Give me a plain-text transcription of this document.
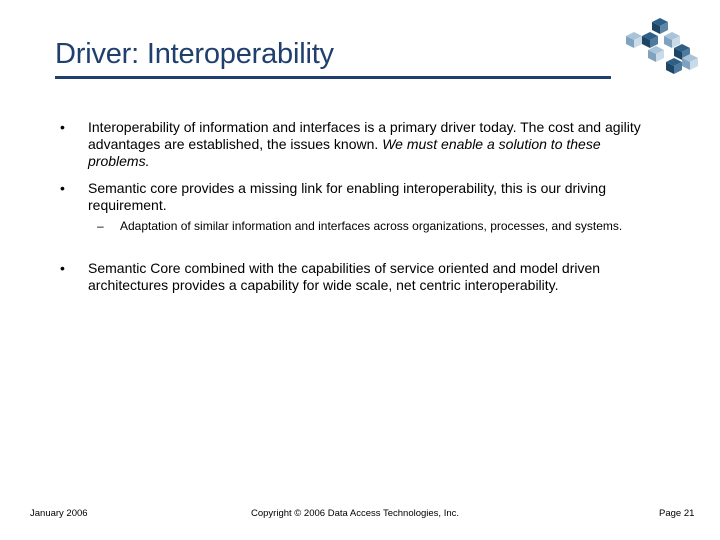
Driver: Interoperability
• Interoperability of information and interfaces is a primary driver today. The cost and agility advantages are established, the issues known. We must enable a solution to these problems.
• Semantic core provides a missing link for enabling interoperability, this is our driving requirement.
– Adaptation of similar information and interfaces across organizations, processes, and systems.
• Semantic Core combined with the capabilities of service oriented and model driven architectures provides a capability for wide scale, net centric interoperability.
January 2006	Copyright © 2006 Data Access Technologies, Inc.	Page 21
